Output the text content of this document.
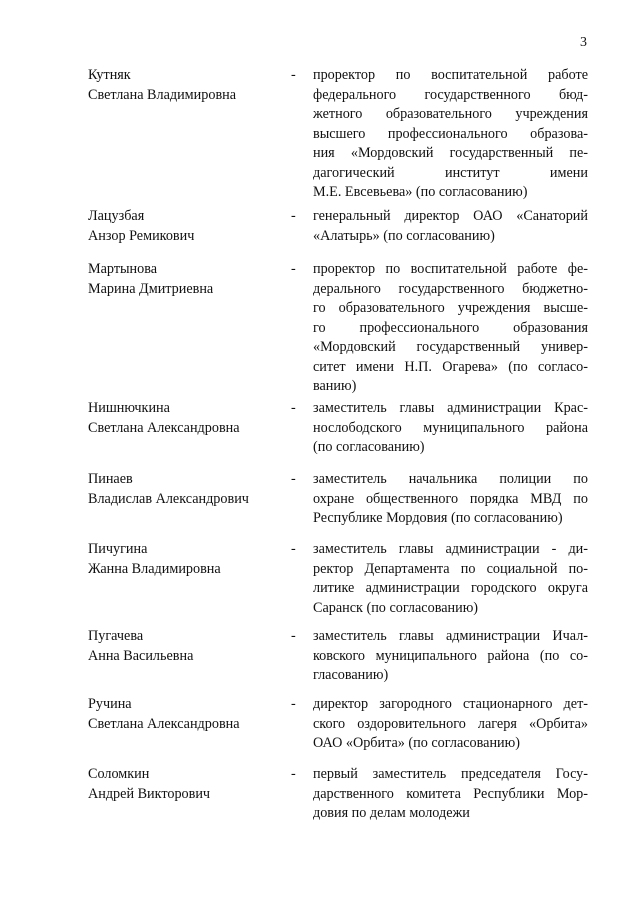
3
Кутняк
Светлана Владимировна
- проректор по воспитательной работе
федерального государственного бюд-
жетного образовательного учреждения
высшего профессионального образова-
ния «Мордовский государственный пе-
дагогический институт имени
М.Е. Евсевьева» (по согласованию)
Лацузбая
Анзор Ремикович
- генеральный директор ОАО «Санаторий
«Алатырь» (по согласованию)
Мартынова
Марина Дмитриевна
- проректор по воспитательной работе фе-
дерального государственного бюджетно-
го образовательного учреждения высше-
го профессионального образования
«Мордовский государственный универ-
ситет имени Н.П. Огарева» (по согласо-
ванию)
Нишнючкина
Светлана Александровна
- заместитель главы администрации Крас-
нослободского муниципального района
(по согласованию)
Пинаев
Владислав Александрович
- заместитель начальника полиции по
охране общественного порядка МВД по
Республике Мордовия (по согласованию)
Пичугина
Жанна Владимировна
- заместитель главы администрации - ди-
ректор Департамента по социальной по-
литике администрации городского округа
Саранск (по согласованию)
Пугачева
Анна Васильевна
- заместитель главы администрации Ичал-
ковского муниципального района (по со-
гласованию)
Ручина
Светлана Александровна
- директор загородного стационарного дет-
ского оздоровительного лагеря «Орбита»
ОАО «Орбита» (по согласованию)
Соломкин
Андрей Викторович
- первый заместитель председателя Госу-
дарственного комитета Республики Мор-
довия по делам молодежи
